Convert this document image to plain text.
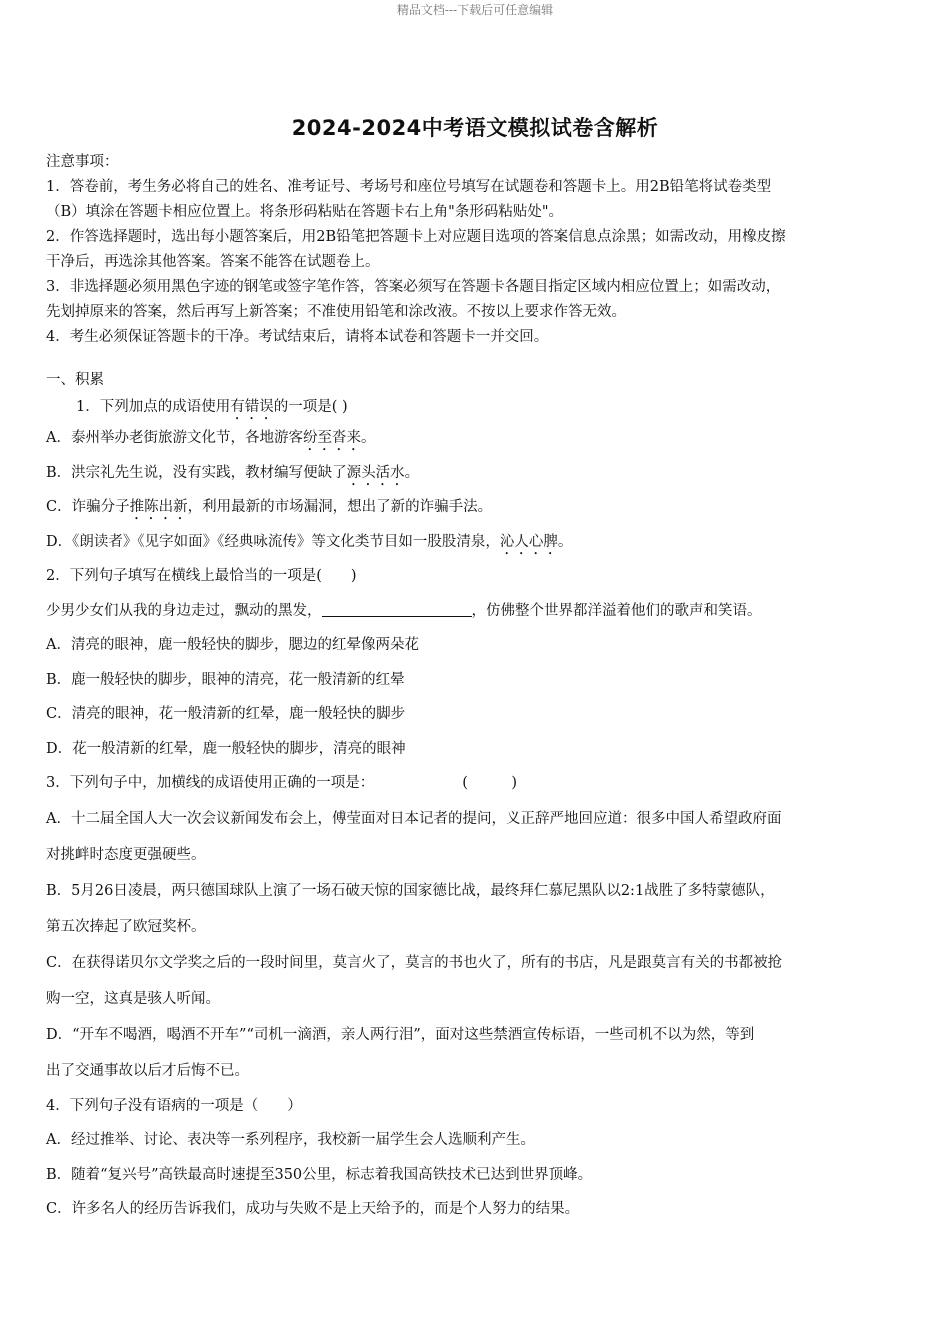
精品文档---下载后可任意编辑
2024-2024中考语文模拟试卷含解析
注意事项：
1．答卷前，考生务必将自己的姓名、准考证号、考场号和座位号填写在试题卷和答题卡上。用2B铅笔将试卷类型
（B）填涂在答题卡相应位置上。将条形码粘贴在答题卡右上角"条形码粘贴处"。
2．作答选择题时，选出每小题答案后，用2B铅笔把答题卡上对应题目选项的答案信息点涂黑；如需改动，用橡皮擦
干净后，再选涂其他答案。答案不能答在试题卷上。
3．非选择题必须用黑色字迹的钢笔或签字笔作答，答案必须写在答题卡各题目指定区域内相应位置上；如需改动，
先划掉原来的答案，然后再写上新答案；不准使用铅笔和涂改液。不按以上要求作答无效。
4．考生必须保证答题卡的干净。考试结束后，请将本试卷和答题卡一并交回。
一、积累
1．下列加点的成语使用有错误的一项是( )
A．泰州举办老街旅游文化节，各地游客纷至沓来。
B．洪宗礼先生说，没有实践，教材编写便缺了源头活水。
C．诈骗分子推陈出新，利用最新的市场漏洞，想出了新的诈骗手法。
D．《朗读者》《见字如面》《经典咏流传》等文化类节目如一股股清泉，沁人心脾。
2．下列句子填写在横线上最恰当的一项是(　　)
少男少女们从我的身边走过，飘动的黑发，	，仿佛整个世界都洋溢着他们的歌声和笑语。
A．清亮的眼神，鹿一般轻快的脚步，腮边的红晕像两朵花
B．鹿一般轻快的脚步，眼神的清亮，花一般清新的红晕
C．清亮的眼神，花一般清新的红晕，鹿一般轻快的脚步
D．花一般清新的红晕，鹿一般轻快的脚步，清亮的眼神
3．下列句子中，加横线的成语使用正确的一项是：	(　　　)
A．十二届全国人大一次会议新闻发布会上，傅莹面对日本记者的提问，义正辞严地回应道：很多中国人希望政府面
对挑衅时态度更强硬些。
B．5月26日凌晨，两只德国球队上演了一场石破天惊的国家德比战，最终拜仁慕尼黑队以2:1战胜了多特蒙德队，
第五次捧起了欧冠奖杯。
C．在获得诺贝尔文学奖之后的一段时间里，莫言火了，莫言的书也火了，所有的书店，凡是跟莫言有关的书都被抢
购一空，这真是骇人听闻。
D．“开车不喝酒，喝酒不开车”“司机一滴酒，亲人两行泪”，面对这些禁酒宣传标语，一些司机不以为然，等到
出了交通事故以后才后悔不已。
4．下列句子没有语病的一项是（　　）
A．经过推举、讨论、表决等一系列程序，我校新一届学生会人选顺利产生。
B．随着“复兴号”高铁最高时速提至350公里，标志着我国高铁技术已达到世界顶峰。
C．许多名人的经历告诉我们，成功与失败不是上天给予的，而是个人努力的结果。
